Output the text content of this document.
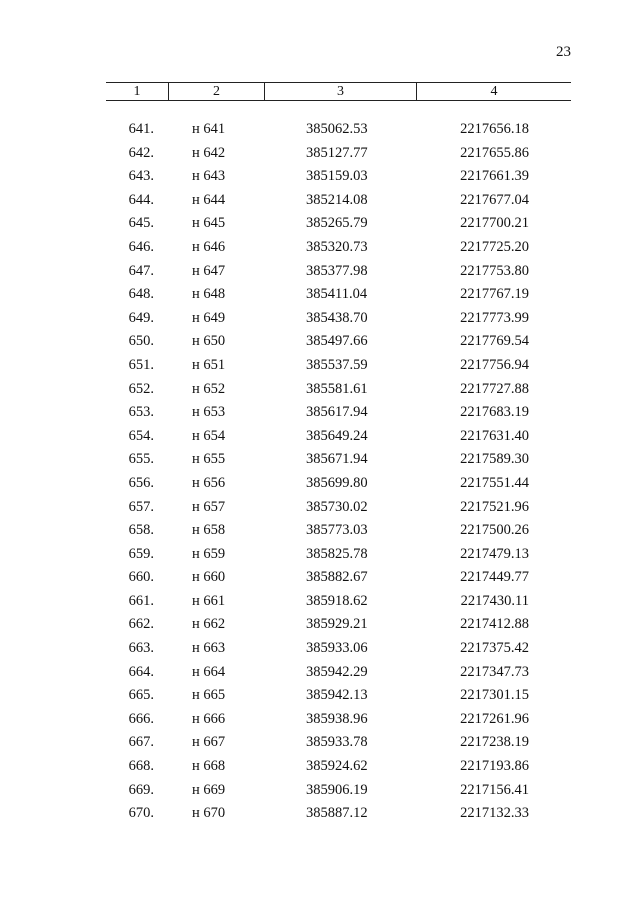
23
1	2	3	4
641.	н 641	385062.53	2217656.18
642.	н 642	385127.77	2217655.86
643.	н 643	385159.03	2217661.39
644.	н 644	385214.08	2217677.04
645.	н 645	385265.79	2217700.21
646.	н 646	385320.73	2217725.20
647.	н 647	385377.98	2217753.80
648.	н 648	385411.04	2217767.19
649.	н 649	385438.70	2217773.99
650.	н 650	385497.66	2217769.54
651.	н 651	385537.59	2217756.94
652.	н 652	385581.61	2217727.88
653.	н 653	385617.94	2217683.19
654.	н 654	385649.24	2217631.40
655.	н 655	385671.94	2217589.30
656.	н 656	385699.80	2217551.44
657.	н 657	385730.02	2217521.96
658.	н 658	385773.03	2217500.26
659.	н 659	385825.78	2217479.13
660.	н 660	385882.67	2217449.77
661.	н 661	385918.62	2217430.11
662.	н 662	385929.21	2217412.88
663.	н 663	385933.06	2217375.42
664.	н 664	385942.29	2217347.73
665.	н 665	385942.13	2217301.15
666.	н 666	385938.96	2217261.96
667.	н 667	385933.78	2217238.19
668.	н 668	385924.62	2217193.86
669.	н 669	385906.19	2217156.41
670.	н 670	385887.12	2217132.33
